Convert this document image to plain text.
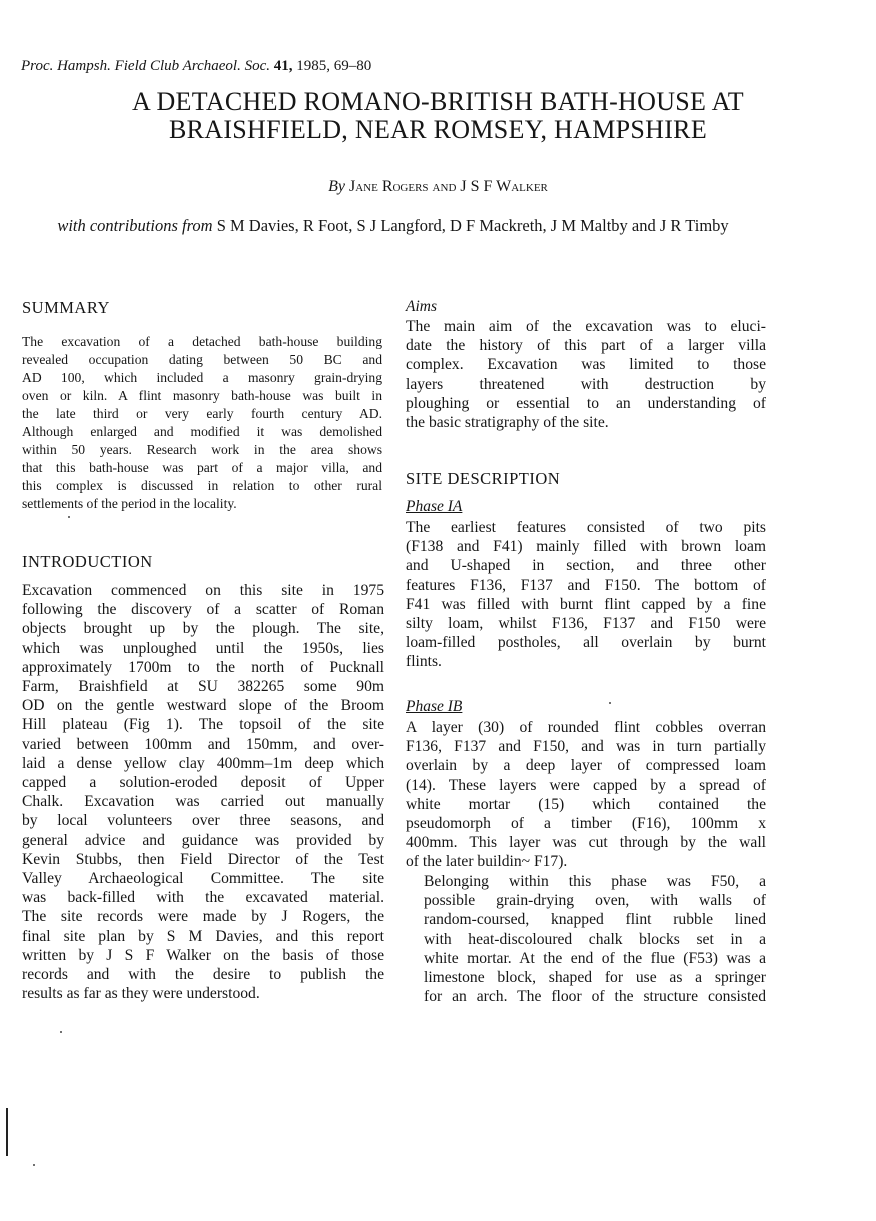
Proc. Hampsh. Field Club Archaeol. Soc. 41, 1985, 69–80
A DETACHED ROMANO-BRITISH BATH-HOUSE AT
BRAISHFIELD, NEAR ROMSEY, HAMPSHIRE
By Jane Rogers and J S F Walker
with contributions from S M Davies, R Foot, S J Langford, D F Mackreth, J M Maltby and J R Timby
SUMMARY

The excavation of a detached bath-house building
revealed occupation dating between 50 BC and
AD 100, which included a masonry grain-drying
oven or kiln. A flint masonry bath-house was built in
the late third or very early fourth century AD.
Although enlarged and modified it was demolished
within 50 years. Research work in the area shows
that this bath-house was part of a major villa, and
this complex is discussed in relation to other rural
settlements of the period in the locality.

INTRODUCTION

Excavation commenced on this site in 1975
following the discovery of a scatter of Roman
objects brought up by the plough. The site,
which was unploughed until the 1950s, lies
approximately 1700m to the north of Pucknall
Farm, Braishfield at SU 382265 some 90m
OD on the gentle westward slope of the Broom
Hill plateau (Fig 1). The topsoil of the site
varied between 100mm and 150mm, and over-
laid a dense yellow clay 400mm–1m deep which
capped a solution-eroded deposit of Upper
Chalk. Excavation was carried out manually
by local volunteers over three seasons, and
general advice and guidance was provided by
Kevin Stubbs, then Field Director of the Test
Valley Archaeological Committee. The site
was back-filled with the excavated material.
The site records were made by J Rogers, the
final site plan by S M Davies, and this report
written by J S F Walker on the basis of those
records and with the desire to publish the
results as far as they were understood.

Aims

The main aim of the excavation was to eluci-
date the history of this part of a larger villa
complex. Excavation was limited to those
layers threatened with destruction by
ploughing or essential to an understanding of
the basic stratigraphy of the site.

SITE DESCRIPTION
Phase IA

The earliest features consisted of two pits
(F138 and F41) mainly filled with brown loam
and U-shaped in section, and three other
features F136, F137 and F150. The bottom of
F41 was filled with burnt flint capped by a fine
silty loam, whilst F136, F137 and F150 were
loam-filled postholes, all overlain by burnt
flints.

Phase IB

A layer (30) of rounded flint cobbles overran
F136, F137 and F150, and was in turn partially
overlain by a deep layer of compressed loam
(14). These layers were capped by a spread of
white mortar (15) which contained the
pseudomorph of a timber (F16), 100mm x
400mm. This layer was cut through by the wall
of the later buildin~ F17).

Belonging within this phase was F50, a
possible grain-drying oven, with walls of
random-coursed, knapped flint rubble lined
with heat-discoloured chalk blocks set in a
white mortar. At the end of the flue (F53) was a
limestone block, shaped for use as a springer
for an arch. The floor of the structure consisted
